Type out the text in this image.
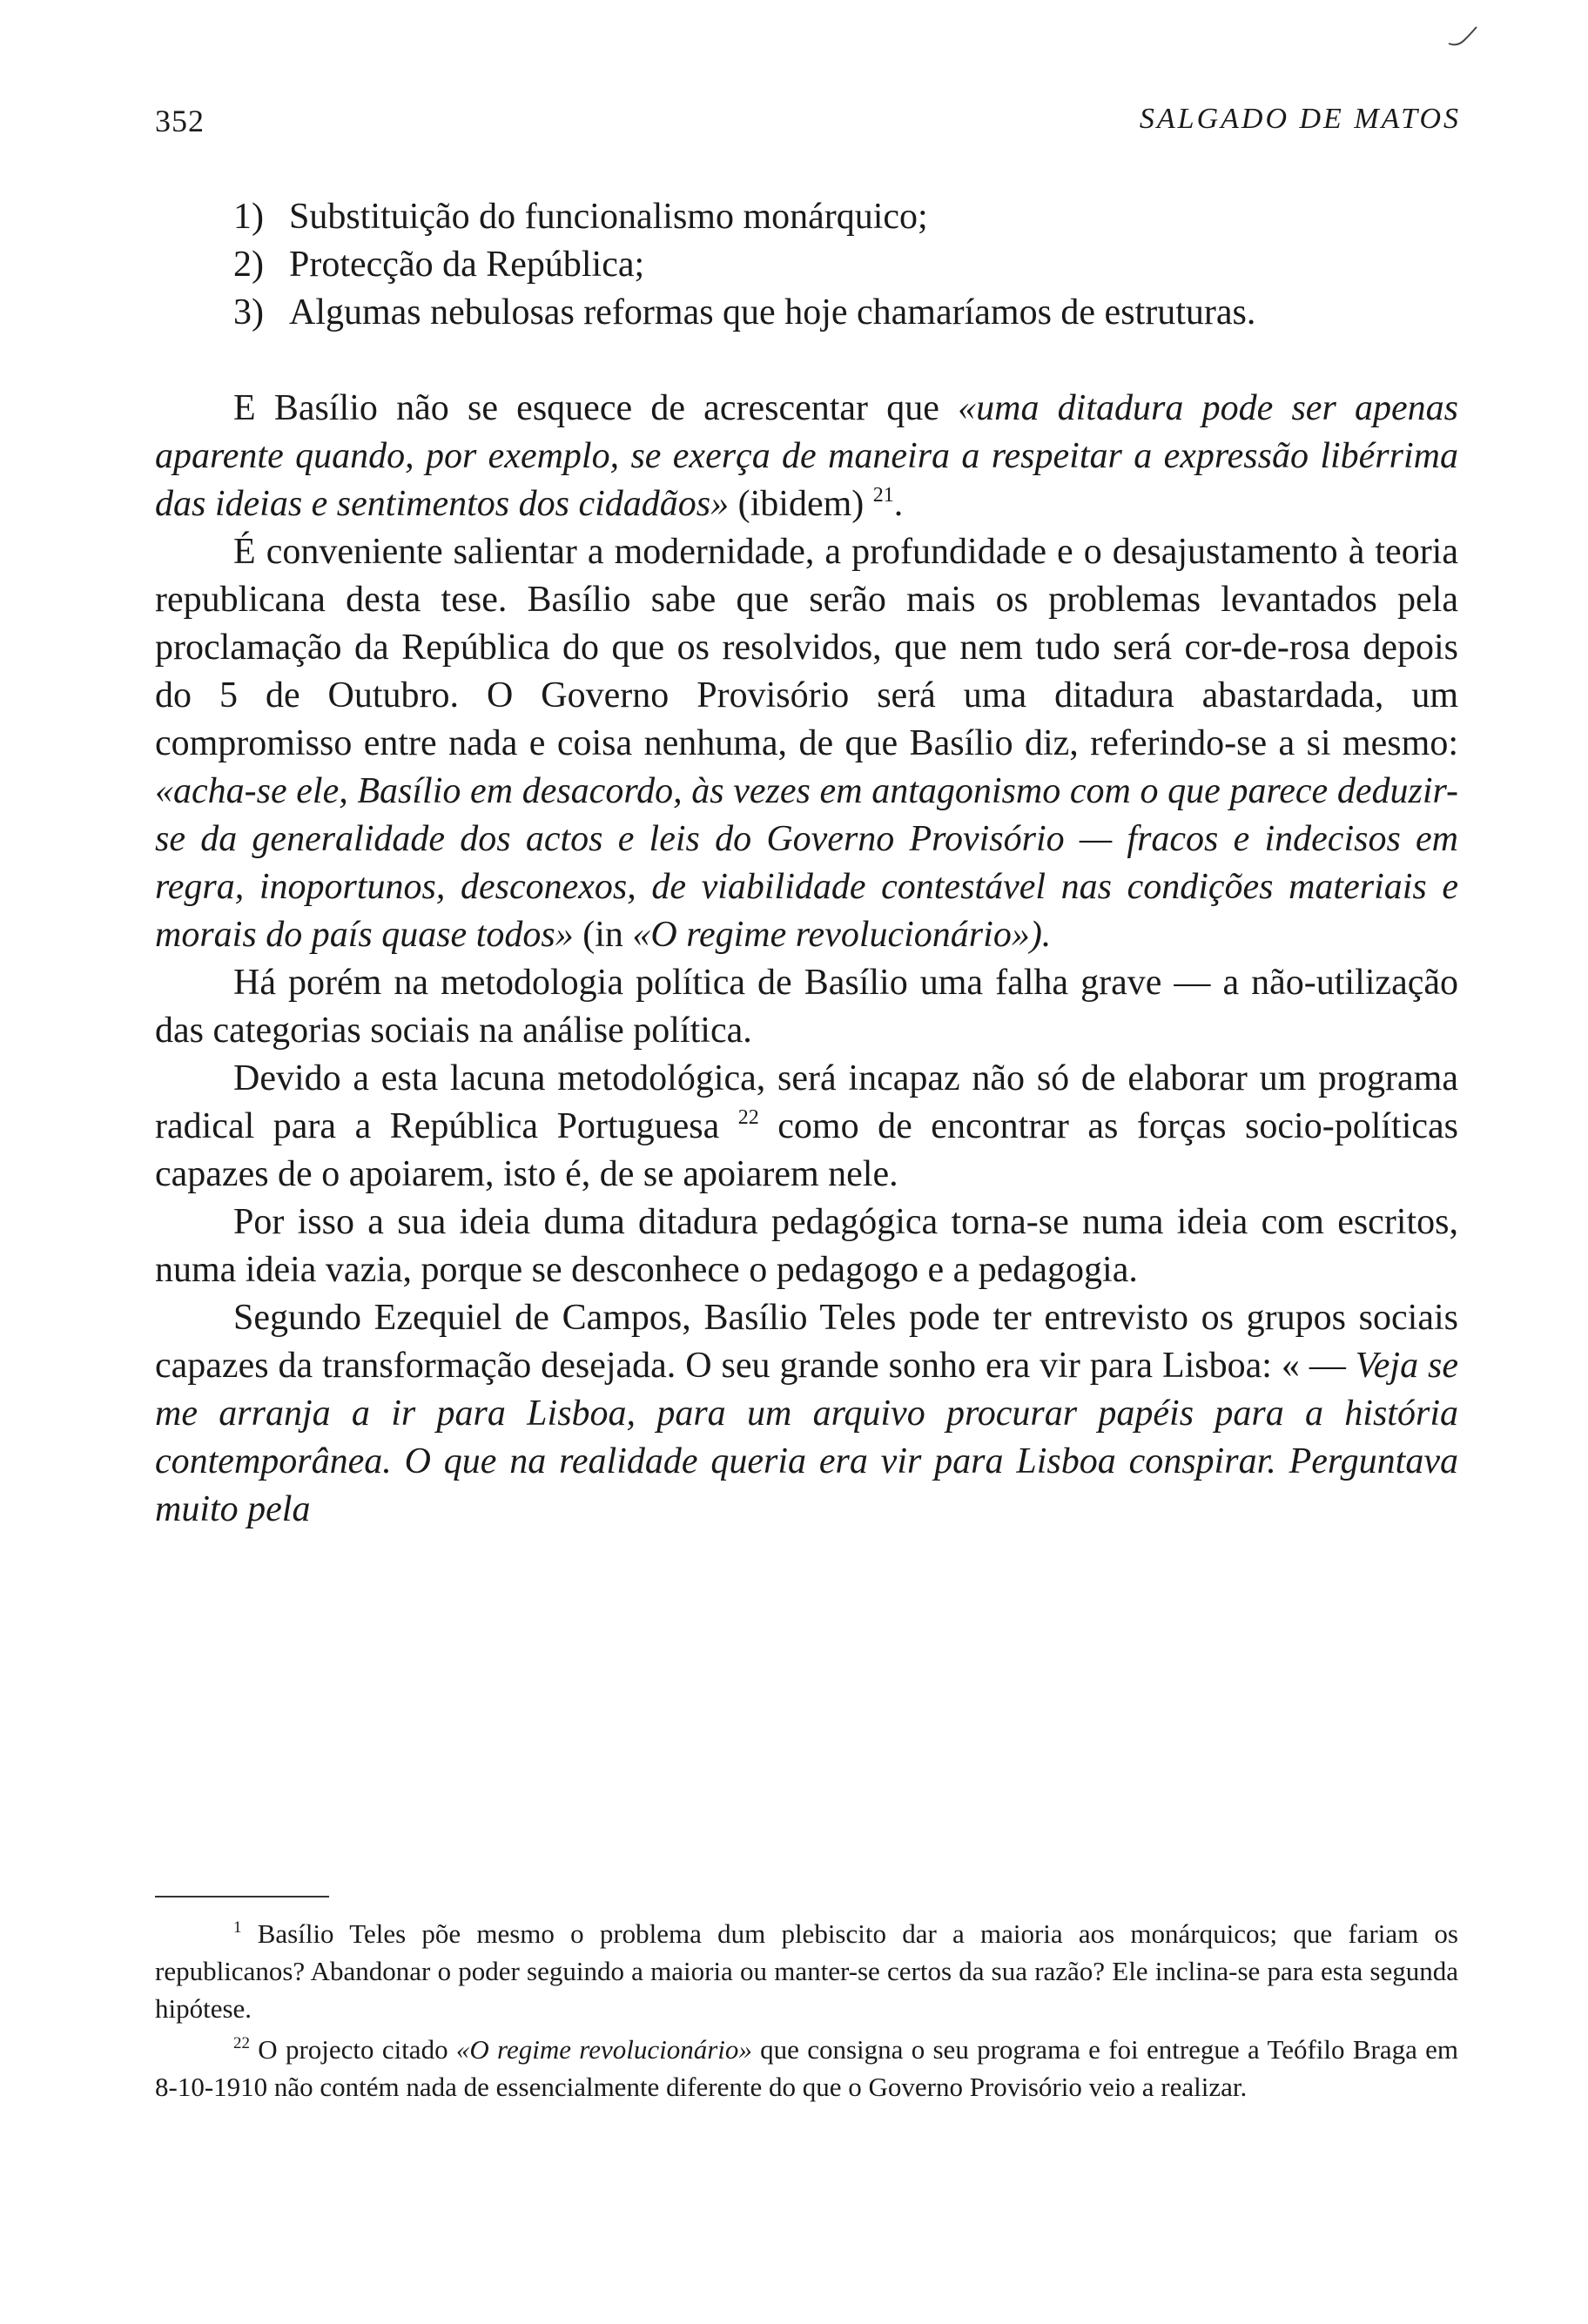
352	SALGADO DE MATOS
1) Substituição do funcionalismo monárquico;
2) Protecção da República;
3) Algumas nebulosas reformas que hoje chamaríamos de estruturas.

E Basílio não se esquece de acrescentar que «uma ditadura pode ser apenas aparente quando, por exemplo, se exerça de maneira a respeitar a expressão libérrima das ideias e sentimentos dos cidadãos» (ibidem) $^{21}$.

É conveniente salientar a modernidade, a profundidade e o desajustamento à teoria republicana desta tese. Basílio sabe que serão mais os problemas levantados pela proclamação da República do que os resolvidos, que nem tudo será cor-de-rosa depois do 5 de Outubro. O Governo Provisório será uma ditadura abastardada, um compromisso entre nada e coisa nenhuma, de que Basílio diz, referindo-se a si mesmo: «acha-se ele, Basílio em desacordo, às vezes em antagonismo com o que parece deduzir-se da generalidade dos actos e leis do Governo Provisório — fracos e indecisos em regra, inoportunos, desconexos, de viabilidade contestável nas condições materiais e morais do país quase todos» (in «O regime revolucionário»).

Há porém na metodologia política de Basílio uma falha grave — a não-utilização das categorias sociais na análise política.

Devido a esta lacuna metodológica, será incapaz não só de elaborar um programa radical para a República Portuguesa $^{22}$ como de encontrar as forças socio-políticas capazes de o apoiarem, isto é, de se apoiarem nele.

Por isso a sua ideia duma ditadura pedagógica torna-se numa ideia com escritos, numa ideia vazia, porque se desconhece o pedagogo e a pedagogia.

Segundo Ezequiel de Campos, Basílio Teles pode ter entrevisto os grupos sociais capazes da transformação desejada. O seu grande sonho era vir para Lisboa: « — Veja se me arranja a ir para Lisboa, para um arquivo procurar papéis para a história contemporânea. O que na realidade queria era vir para Lisboa conspirar. Perguntava muito pela

$^1$ Basílio Teles põe mesmo o problema dum plebiscito dar a maioria aos monárquicos; que fariam os republicanos? Abandonar o poder seguindo a maioria ou manter-se certos da sua razão? Ele inclina-se para esta segunda hipótese.

$^{22}$ O projecto citado «O regime revolucionário» que consigna o seu programa e foi entregue a Teófilo Braga em 8-10-1910 não contém nada de essencialmente diferente do que o Governo Provisório veio a realizar.
